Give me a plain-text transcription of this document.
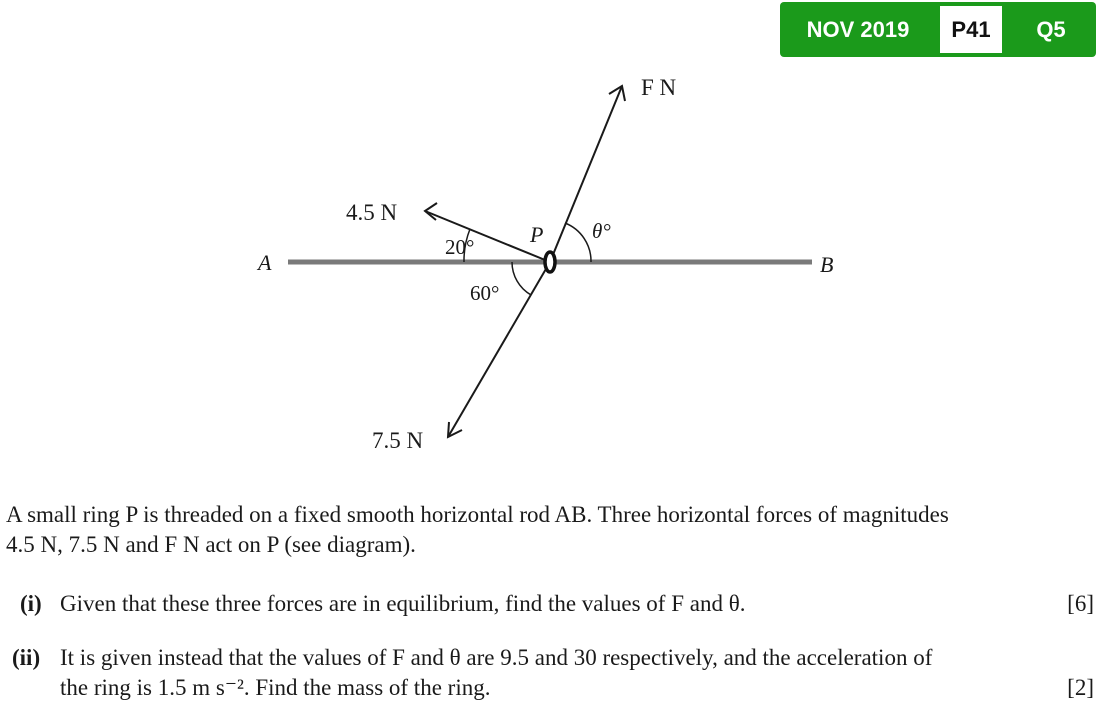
NOV 2019	P41	Q5
A	B
P
F N
4.5 N
7.5 N
20°
60°
θ°
A small ring P is threaded on a fixed smooth horizontal rod AB. Three horizontal forces of magnitudes
4.5 N, 7.5 N and F N act on P (see diagram).
(i) Given that these three forces are in equilibrium, find the values of F and θ.	[6]
(ii) It is given instead that the values of F and θ are 9.5 and 30 respectively, and the acceleration of
the ring is 1.5 m s⁻². Find the mass of the ring.	[2]
